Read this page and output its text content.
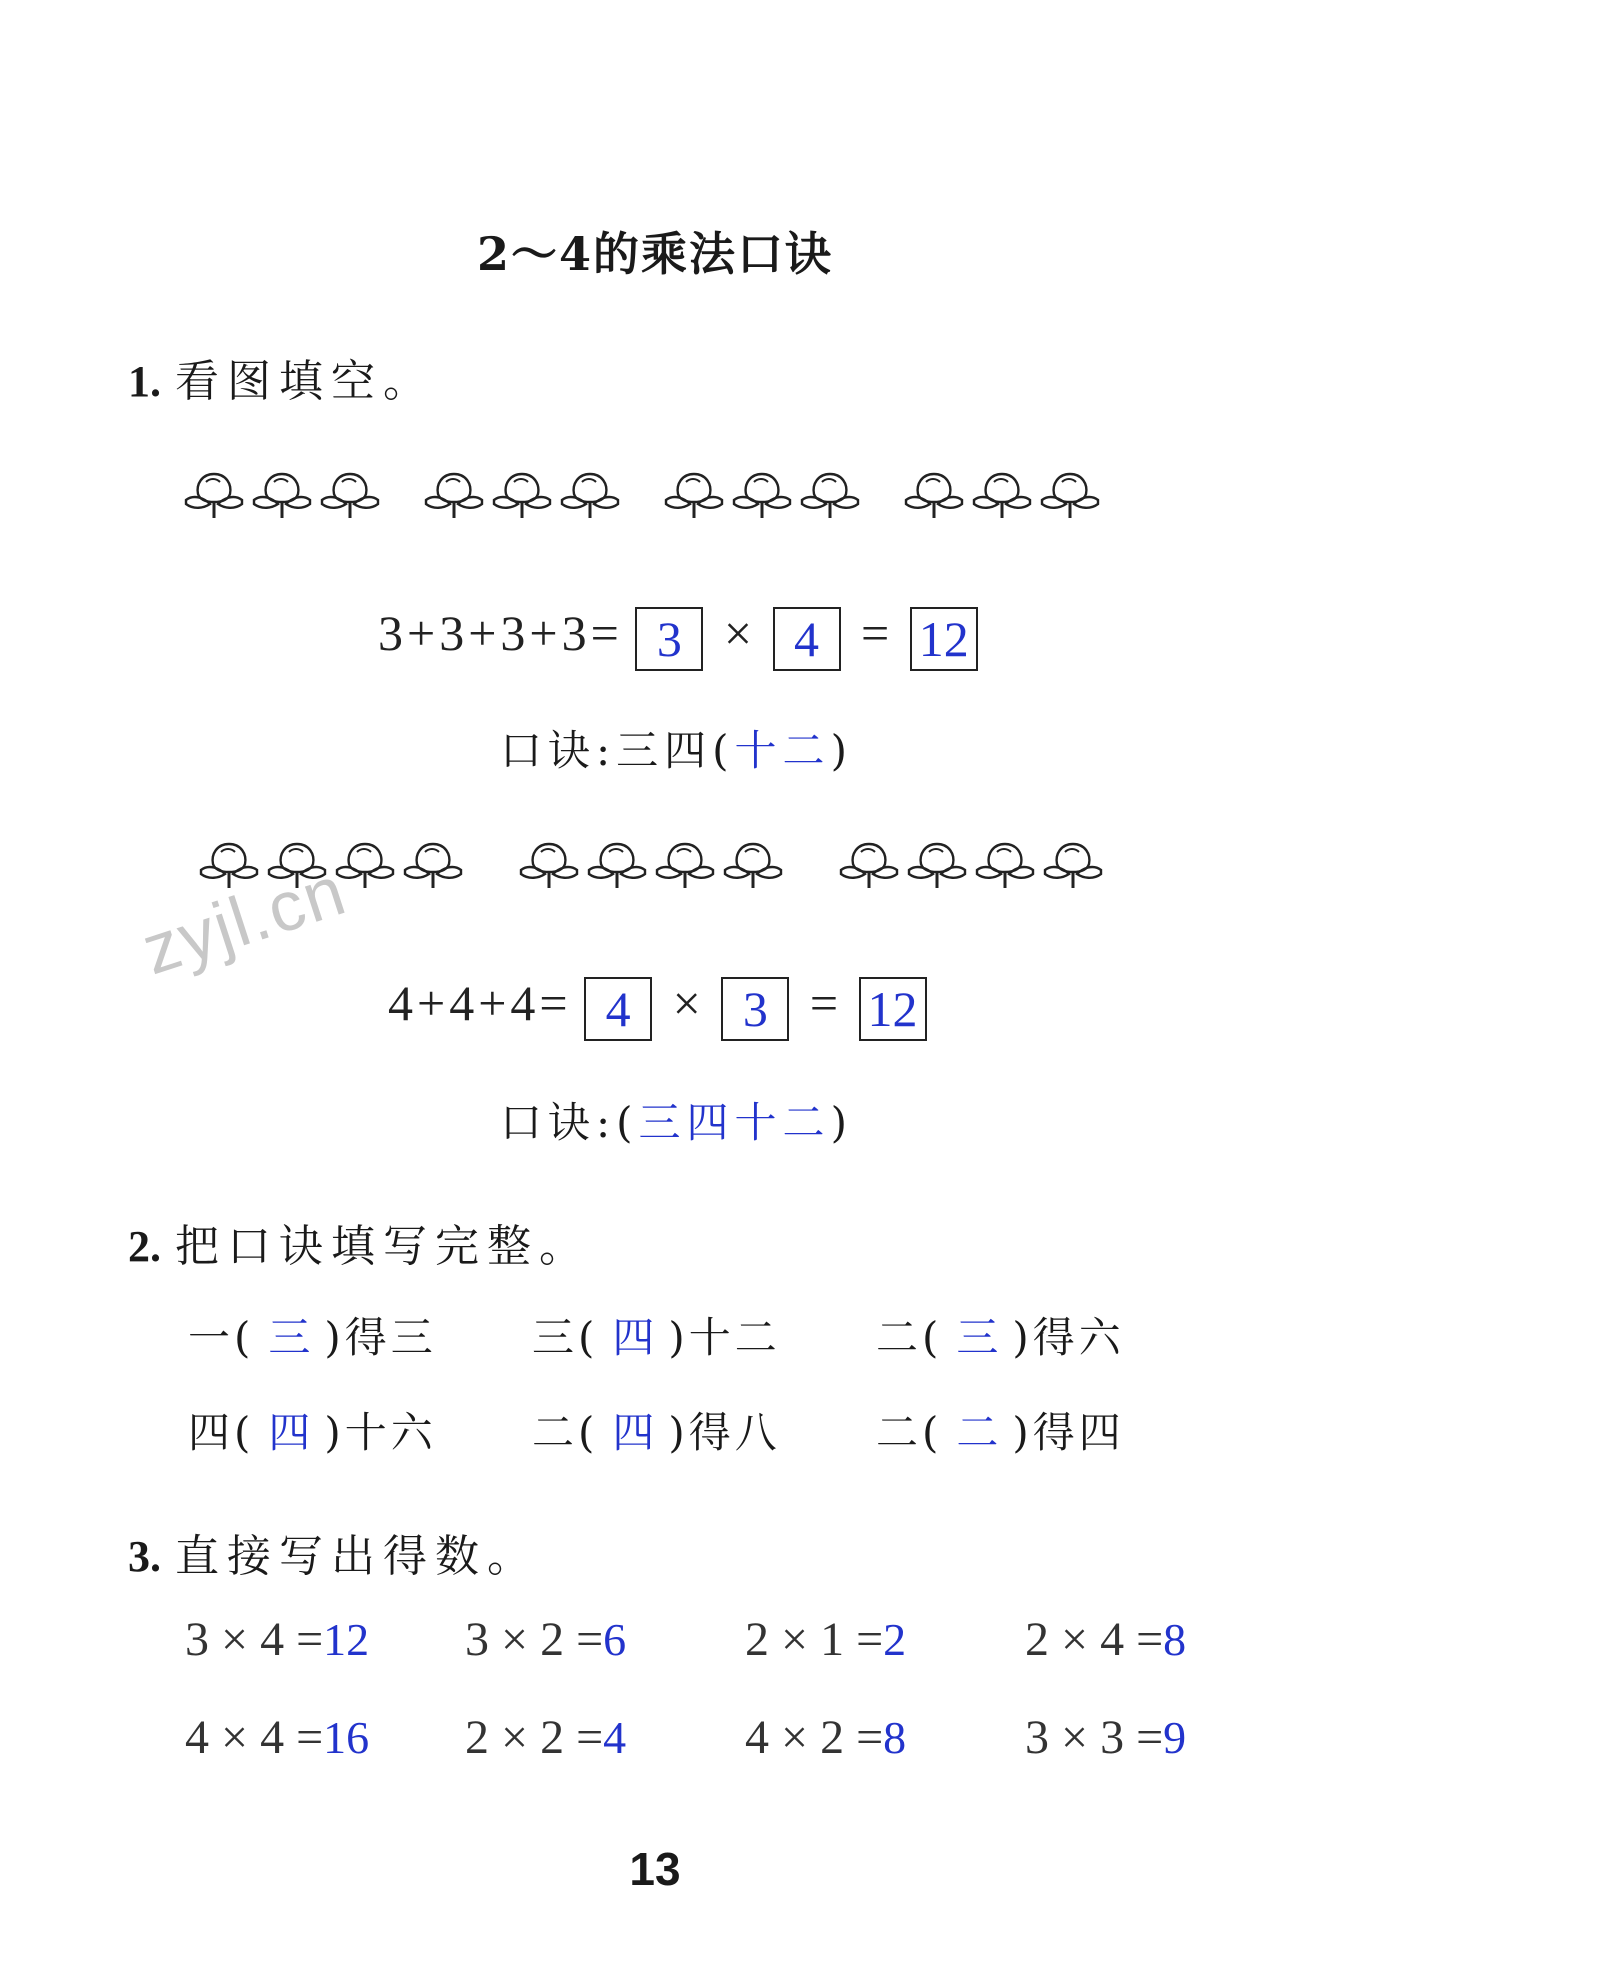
2～4的乘法口诀
1. 看图填空。
3+3+3+3= 3 × 4 = 12
口诀:三四(十二)
zyjl.cn
4+4+4= 4 × 3 = 12
口诀:(三四十二)
2. 把口诀填写完整。
一( 三 )得三 三( 四 )十二 二( 三 )得六
四( 四 )十六 二( 四 )得八 二( 二 )得四
3. 直接写出得数。
3 × 4 =12 3 × 2 =6 2 × 1 =2 2 × 4 =8
4 × 4 =16 2 × 2 =4 4 × 2 =8 3 × 3 =9
13
